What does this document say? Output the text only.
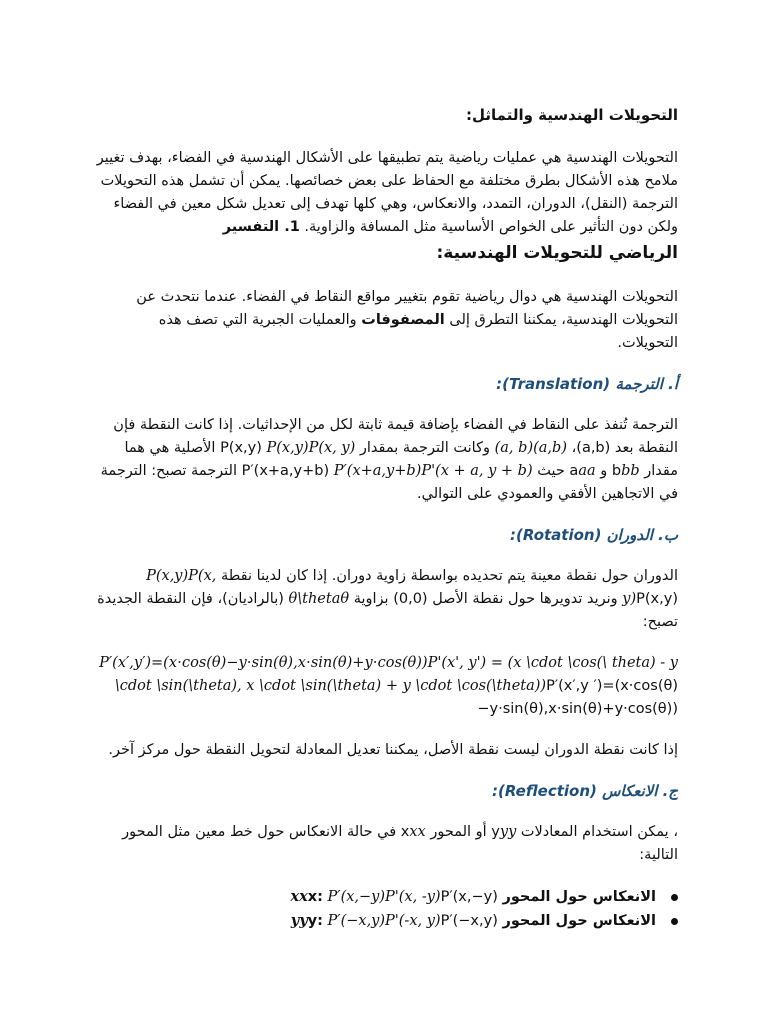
التحويلات الهندسية والتماثل:

التحويلات الهندسية هي عمليات رياضية يتم تطبيقها على الأشكال الهندسية في الفضاء، بهدف تغيير ملامح هذه الأشكال بطرق مختلفة مع الحفاظ على بعض خصائصها. يمكن أن تشمل هذه التحويلات الترجمة (النقل)، الدوران، التمدد، والانعكاس، وهي كلها تهدف إلى تعديل شكل معين في الفضاء ولكن دون التأثير على الخواص الأساسية مثل المسافة والزاوية. 1. التفسير

الرياضي للتحويلات الهندسية:

التحويلات الهندسية هي دوال رياضية تقوم بتغيير مواقع النقاط في الفضاء. عندما نتحدث عن التحويلات الهندسية، يمكننا التطرق إلى المصفوفات والعمليات الجبرية التي تصف هذه التحويلات.

أ. الترجمة (Translation):

الترجمة تُنفذ على النقاط في الفضاء بإضافة قيمة ثابتة لكل من الإحداثيات. إذا كانت النقطة فإن النقطة بعد (a,b)، (a,b)(a, b) وكانت الترجمة بمقدار P(x,y) P(x,y)P(x, y) الأصلية هي هما مقدار bbb و aaa حيث P′(x+a,y+b) P′(x+a,y+b)P'(x + a, y + b) الترجمة تصبح: الترجمة في الاتجاهين الأفقي والعمودي على التوالي.

ب. الدوران (Rotation):

الدوران حول نقطة معينة يتم تحديده بواسطة زاوية دوران. إذا كان لدينا نقطة P(x,y)P(x, y)P(x,y) ونريد تدويرها حول نقطة الأصل (0,0) بزاوية θ\thetaθ (بالراديان)، فإن النقطة الجديدة تصبح:

P′(x′,y′)=(x⋅cos⁡(θ)−y⋅sin⁡(θ),x⋅sin⁡(θ)+y⋅cos⁡(θ))P'(x', y') = (x \cdot \cos(\ theta) - y \cdot \sin(\theta), x \cdot \sin(\theta) + y \cdot \cos(\theta))P′(x′,y ′)=(x⋅cos(θ)−y⋅sin(θ),x⋅sin(θ)+y⋅cos(θ))

إذا كانت نقطة الدوران ليست نقطة الأصل، يمكننا تعديل المعادلة لتحويل النقطة حول مركز آخر.

ج. الانعكاس (Reflection):

، يمكن استخدام المعادلات yyy أو المحور xxx في حالة الانعكاس حول خط معين مثل المحور التالية:

الانعكاس حول المحور xxx: P′(x,−y)P'(x, -y)P′(x,−y)
الانعكاس حول المحور yyy: P′(−x,y)P'(-x, y)P′(−x,y)
